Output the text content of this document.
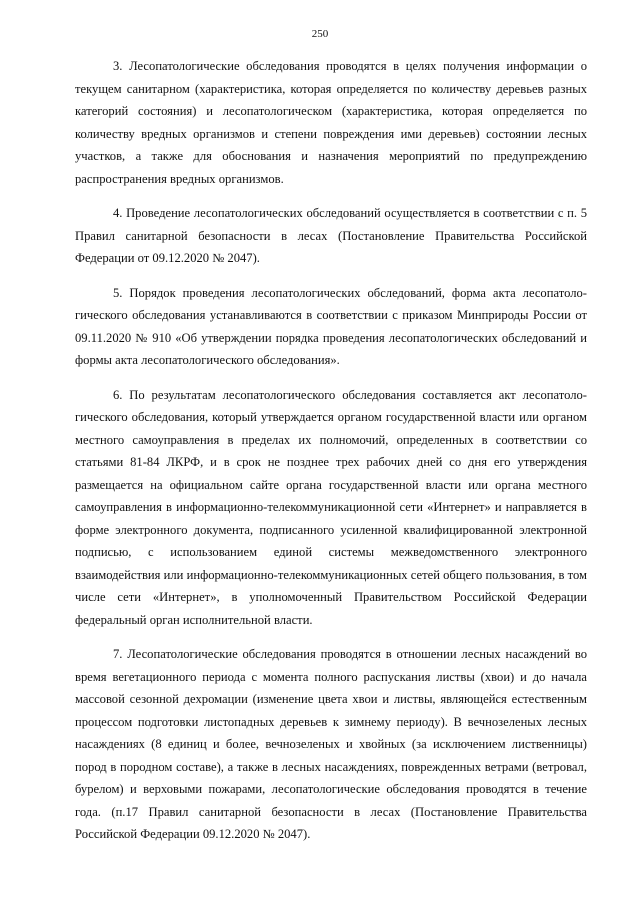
250

3. Лесопатологические обследования проводятся в целях получения информации о текущем санитарном (характеристика, которая определяется по количеству деревьев разных категорий состояния) и лесопатологическом (характеристика, которая определяется по количеству вредных организмов и степени повреждения ими деревьев) состоянии лесных участков, а также для обоснования и назначения мероприятий по предупреждению распространения вредных организмов.

4. Проведение лесопатологических обследований осуществляется в соответствии с п. 5 Правил санитарной безопасности в лесах (Постановление Правительства Российской Федерации от 09.12.2020 № 2047).

5. Порядок проведения лесопатологических обследований, форма акта лесопатологического обследования устанавливаются в соответствии с приказом Минприроды России от 09.11.2020 № 910 «Об утверждении порядка проведения лесопатологических обследований и формы акта лесопатологического обследования».

6. По результатам лесопатологического обследования составляется акт лесопатологического обследования, который утверждается органом государственной власти или органом местного самоуправления в пределах их полномочий, определенных в соответствии со статьями 81-84 ЛКРФ, и в срок не позднее трех рабочих дней со дня его утверждения размещается на официальном сайте органа государственной власти или органа местного самоуправления в информационно-телекоммуникационной сети «Интернет» и направляется в форме электронного документа, подписанного усиленной квалифицированной электронной подписью, с использованием единой системы межведомственного электронного взаимодействия или информационно-телекоммуникационных сетей общего пользования, в том числе сети «Интернет», в уполномоченный Правительством Российской Федерации федеральный орган исполнительной власти.

7. Лесопатологические обследования проводятся в отношении лесных насаждений во время вегетационного периода с момента полного распускания листвы (хвои) и до начала массовой сезонной дехромации (изменение цвета хвои и листвы, являющейся естественным процессом подготовки листопадных деревьев к зимнему периоду). В вечнозеленых лесных насаждениях (8 единиц и более, вечнозеленых и хвойных (за исключением лиственницы) пород в породном составе), а также в лесных насаждениях, поврежденных ветрами (ветровал, бурелом) и верховыми пожарами, лесопатологические обследования проводятся в течение года. (п.17 Правил санитарной безопасности в лесах (Постановление Правительства Российской Федерации 09.12.2020 № 2047).
